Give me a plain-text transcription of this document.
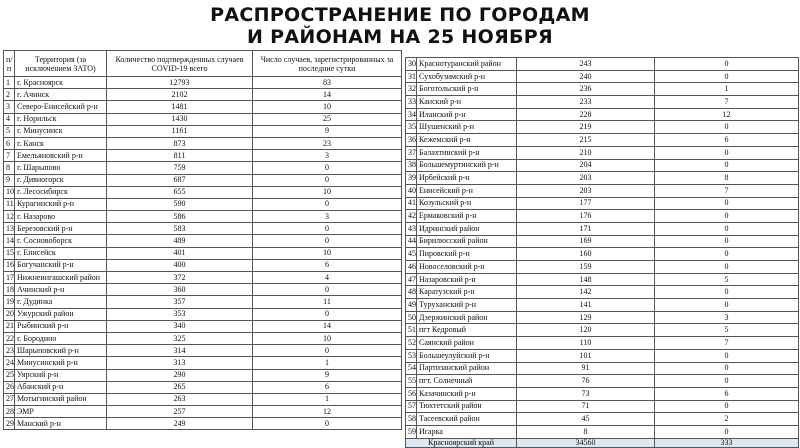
РАСПРОСТРАНЕНИЕ ПО ГОРОДАМ
И РАЙОНАМ НА 25 НОЯБРЯ
п/п	Территория (за исключением ЗАТО)	Количество подтвержденных случаев COVID-19 всего	Число случаев, зарегистрированных за последние сутки
1	г. Красноярск	12793	83
2	г. Ачинск	2102	14
3	Северо-Енисейский р-н	1481	10
4	г. Норильск	1430	25
5	г. Минусинск	1161	9
6	г. Канск	873	23
7	Емельяновский р-н	811	3
8	г. Шарыпово	759	0
9	г. Дивногорск	687	0
10	г. Лесосибирск	655	10
11	Курагинский р-н	590	0
12	г. Назарово	586	3
13	Березовский р-н	583	0
14	г. Сосновоборск	489	0
15	г. Енисейск	401	10
16	Богучанский р-н	400	6
17	Нижнеингашский район	372	4
18	Ачинский р-н	360	0
19	г. Дудинка	357	11
20	Ужурский район	353	0
21	Рыбинский р-н	340	14
22	г. Бородино	325	10
23	Шарыповский р-н	314	0
24	Минусинский р-н	313	1
25	Уярский р-н	290	9
26	Абанский р-н	265	6
27	Мотыгинский район	263	1
28	ЭМР	257	12
29	Манский р-н	249	0
30	Краснотуранский район	243	0
31	Сухобузимский р-н	240	0
32	Боготольский р-н	236	1
33	Канский р-н	233	7
34	Иланский р-н	228	12
35	Шушенский р-н	219	0
36	Кежемский р-н	215	6
37	Балахтинский р-н	210	0
38	Большемуртинский р-н	204	0
39	Ирбейский р-н	203	8
40	Енисейский р-н	203	7
41	Козульский р-н	177	0
42	Ермаковский р-н	176	0
43	Идринский район	171	0
44	Бирилюсский район	169	0
45	Пировский р-н	160	0
46	Новоселовский р-н	159	0
47	Назаровский р-н	148	5
48	Каратузский р-н	142	0
49	Туруханский р-н	141	0
50	Дзержинский район	129	3
51	пгт Кедровый	120	5
52	Саянский район	110	7
53	Большеулуйский р-н	101	0
54	Партизанский район	91	0
55	пгт. Солнечный	76	0
56	Казачинский р-н	73	6
57	Тюхтетский район	71	0
58	Тасеевский район	45	2
59	Игарка	8	0
Красноярский край		34560	333
